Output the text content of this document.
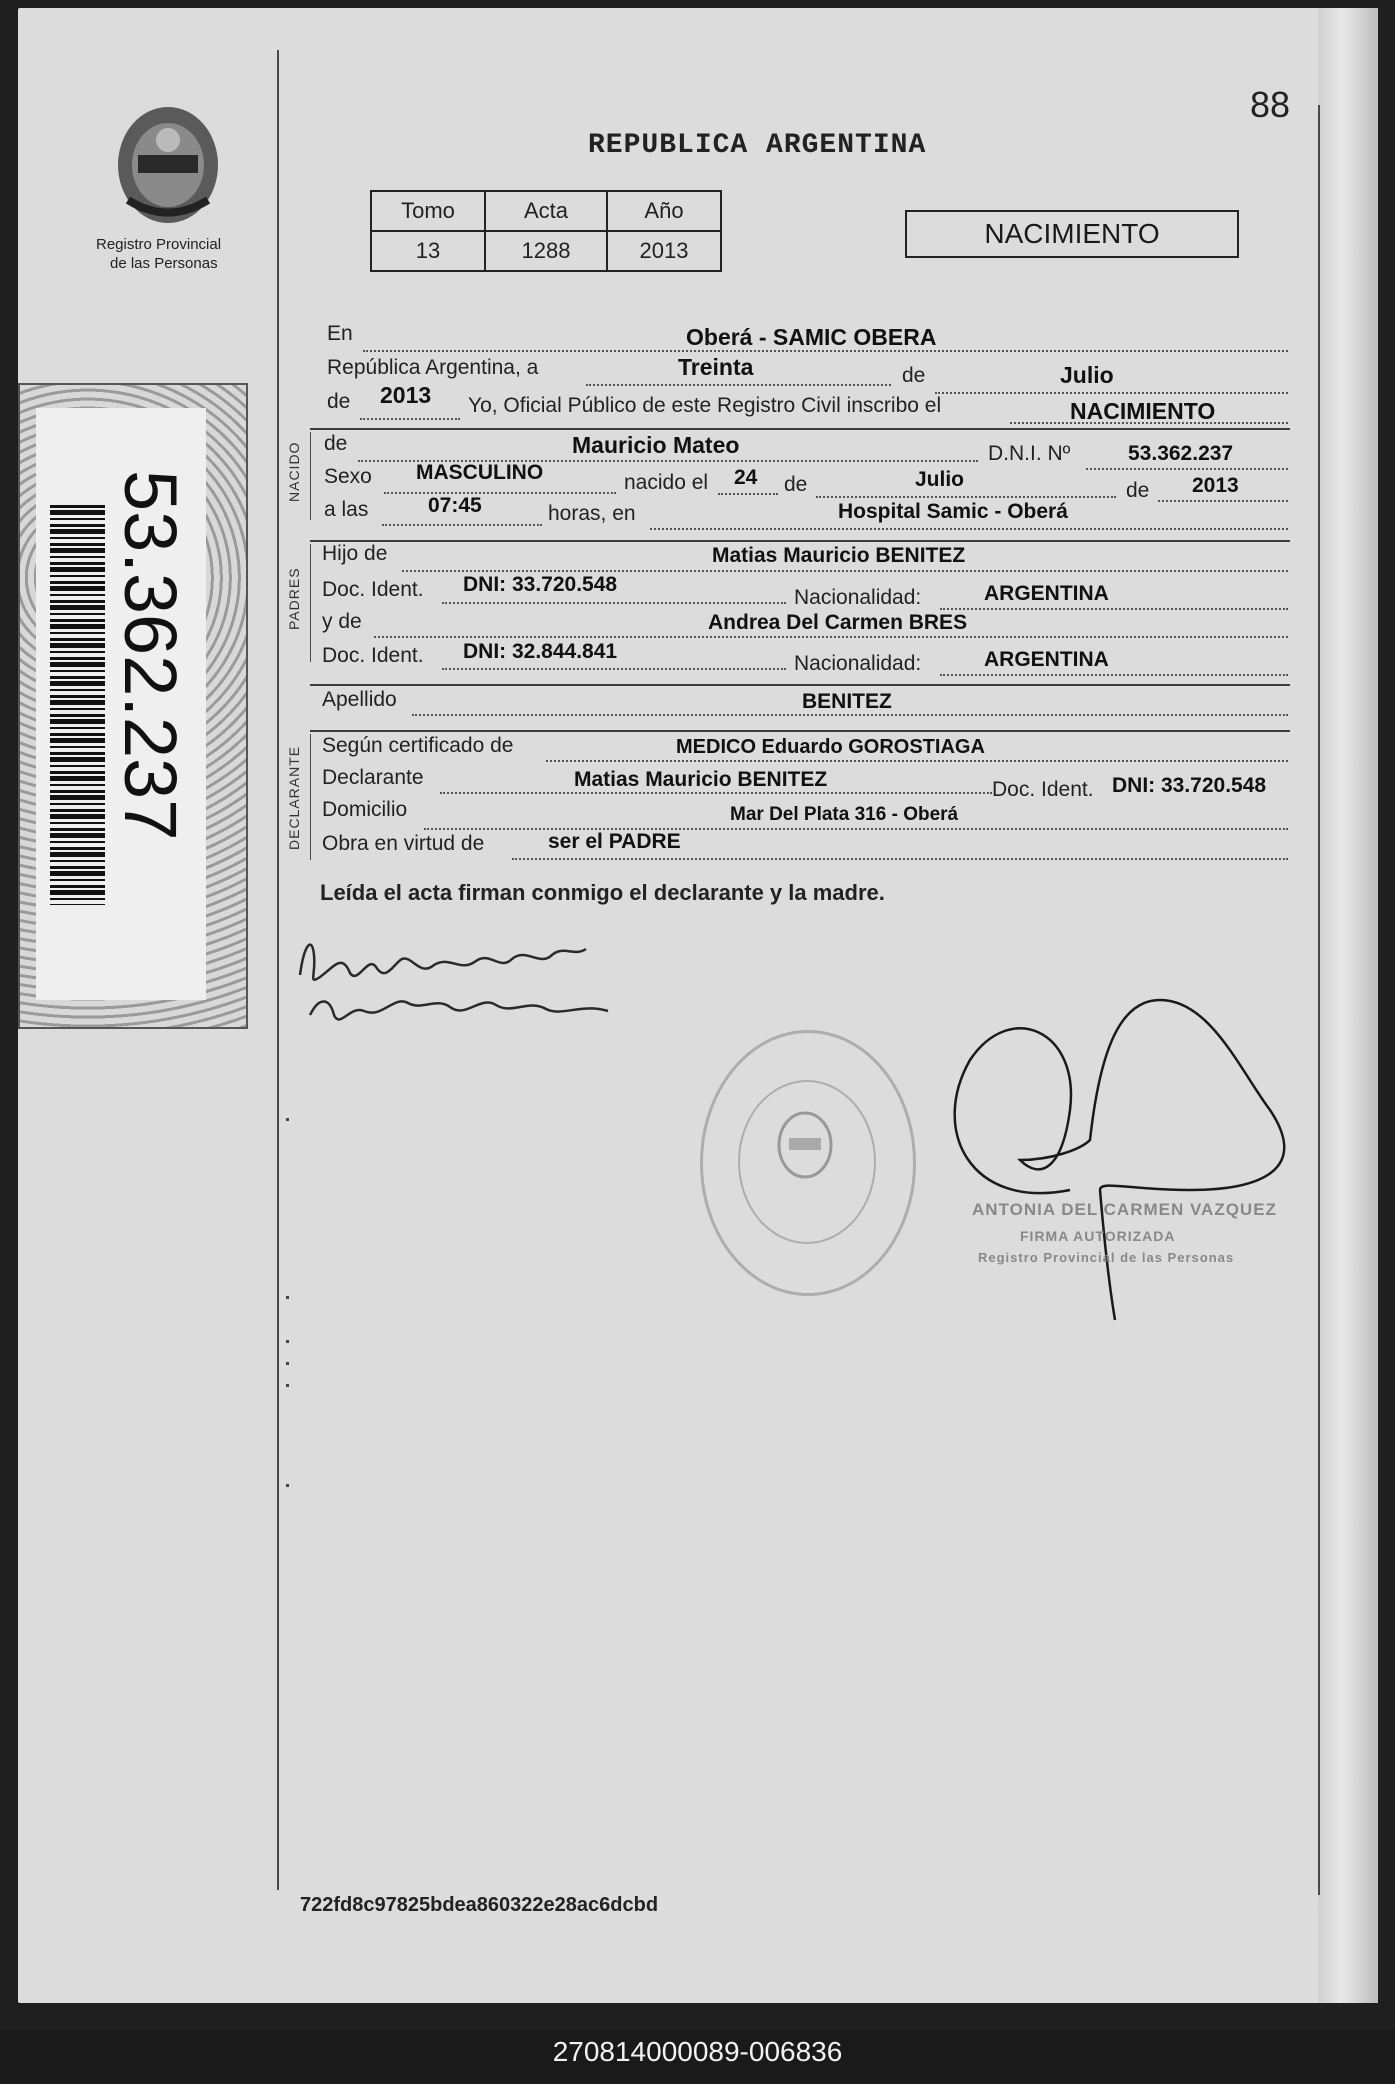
Registro Provincial
de las Personas
88
REPUBLICA ARGENTINA
Tomo	Acta	Año
13	1288	2013
NACIMIENTO
53.362.237
En	Oberá - SAMIC OBERA
República Argentina, a	Treinta	de	Julio
de 2013 Yo, Oficial Público de este Registro Civil inscribo el	NACIMIENTO
NACIDO de	Mauricio Mateo	D.N.I. Nº	53.362.237
Sexo MASCULINO	nacido el 24 de	Julio	de 2013
a las	07:45	horas, en	Hospital Samic - Oberá
PADRES
Hijo de	Matias Mauricio BENITEZ
Doc. Ident. DNI: 33.720.548
Nacionalidad:	ARGENTINA
y de	Andrea Del Carmen BRES
Doc. Ident. DNI: 32.844.841
Nacionalidad:	ARGENTINA
Apellido	BENITEZ
DECLARANTE
Según certificado de	MEDICO Eduardo GOROSTIAGA
Declarante	Matias Mauricio BENITEZ	Doc. Ident. DNI: 33.720.548
Domicilio	Mar Del Plata 316 - Oberá
Obra en virtud de	ser el PADRE
Leída el acta firman conmigo el declarante y la madre.
ANTONIA DEL CARMEN VAZQUEZ
FIRMA AUTORIZADA
Registro Provincial de las Personas
722fd8c97825bdea860322e28ac6dcbd
270814000089-006836
